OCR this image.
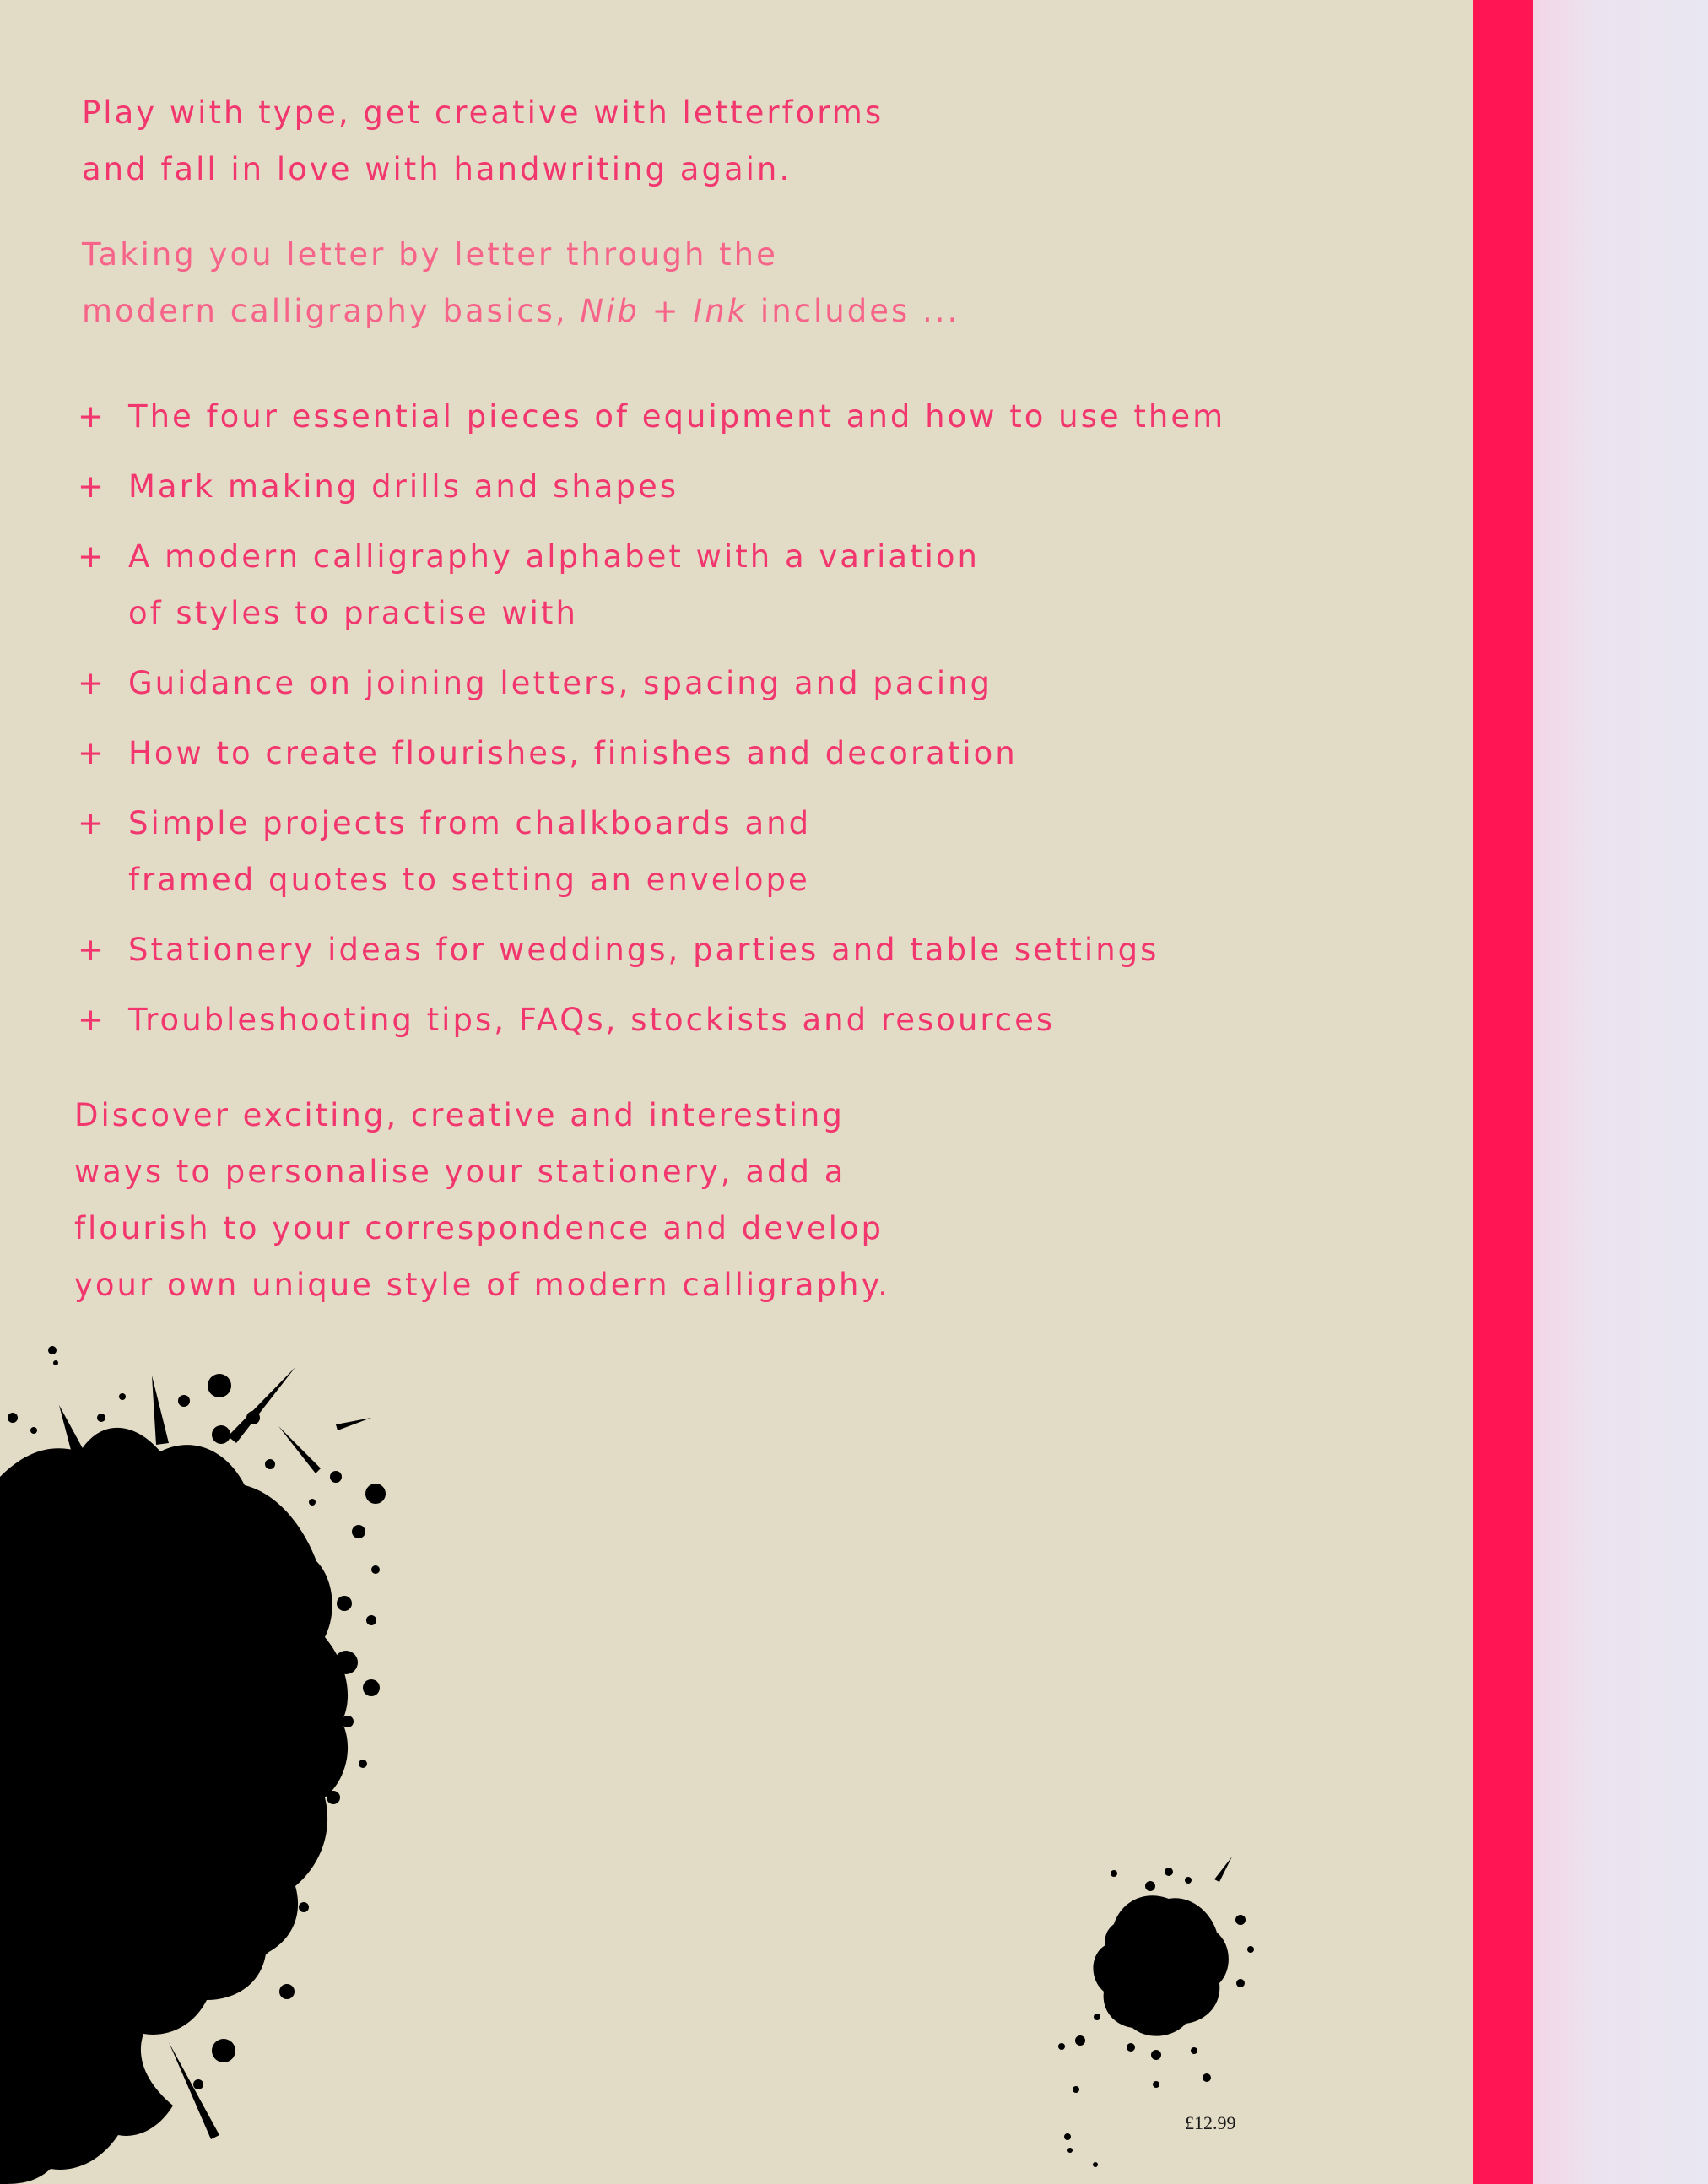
Play with type, get creative with letterforms
and fall in love with handwriting again.
Taking you letter by letter through the
modern calligraphy basics, Nib + Ink includes ...
+ The four essential pieces of equipment and how to use them
+ Mark making drills and shapes
+ A modern calligraphy alphabet with a variation
of styles to practise with
+ Guidance on joining letters, spacing and pacing
+ How to create flourishes, finishes and decoration
+ Simple projects from chalkboards and
framed quotes to setting an envelope
+ Stationery ideas for weddings, parties and table settings
+ Troubleshooting tips, FAQs, stockists and resources
Discover exciting, creative and interesting
ways to personalise your stationery, add a
flourish to your correspondence and develop
your own unique style of modern calligraphy.
£12.99
